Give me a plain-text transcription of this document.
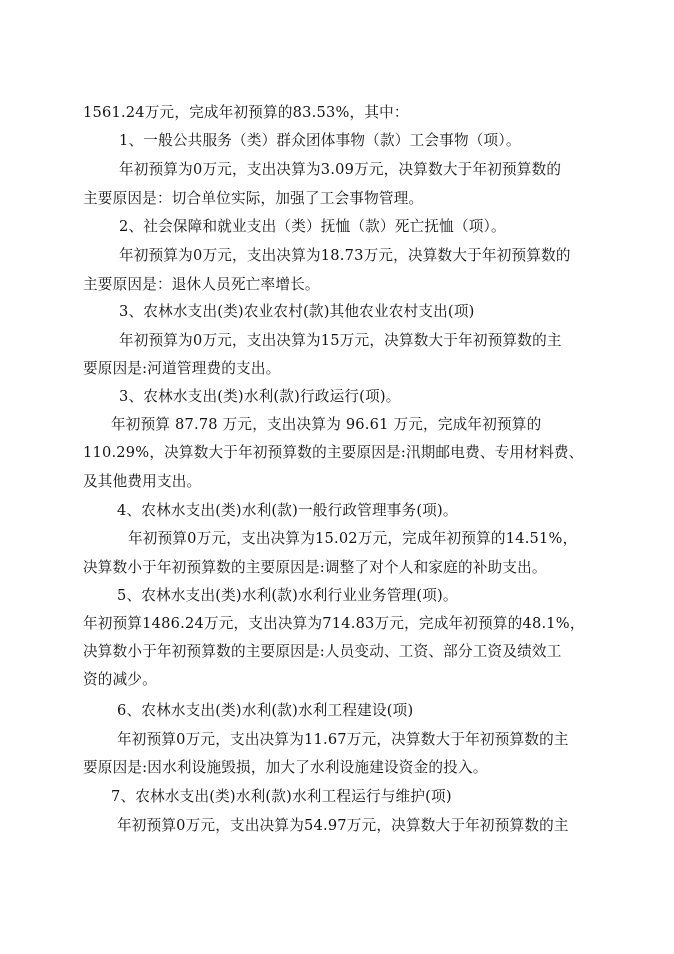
1561.24万元，完成年初预算的83.53%，其中：
1、一般公共服务（类）群众团体事物（款）工会事物（项）。
年初预算为0万元，支出决算为3.09万元，决算数大于年初预算数的
主要原因是：切合单位实际，加强了工会事物管理。
2、社会保障和就业支出（类）抚恤（款）死亡抚恤（项）。
年初预算为0万元，支出决算为18.73万元，决算数大于年初预算数的
主要原因是：退休人员死亡率增长。
3、农林水支出(类)农业农村(款)其他农业农村支出(项)
年初预算为0万元，支出决算为15万元，决算数大于年初预算数的主
要原因是:河道管理费的支出。
3、农林水支出(类)水利(款)行政运行(项)。
年初预算 87.78 万元，支出决算为 96.61 万元，完成年初预算的
110.29%，决算数大于年初预算数的主要原因是:汛期邮电费、专用材料费、
及其他费用支出。
4、农林水支出(类)水利(款)一般行政管理事务(项)。
年初预算0万元，支出决算为15.02万元，完成年初预算的14.51%，
决算数小于年初预算数的主要原因是:调整了对个人和家庭的补助支出。
5、农林水支出(类)水利(款)水利行业业务管理(项)。
年初预算1486.24万元，支出决算为714.83万元，完成年初预算的48.1%，
决算数小于年初预算数的主要原因是:人员变动、工资、部分工资及绩效工
资的减少。
6、农林水支出(类)水利(款)水利工程建设(项)
年初预算0万元，支出决算为11.67万元，决算数大于年初预算数的主
要原因是:因水利设施毁损，加大了水利设施建设资金的投入。
7、农林水支出(类)水利(款)水利工程运行与维护(项)
年初预算0万元，支出决算为54.97万元，决算数大于年初预算数的主
